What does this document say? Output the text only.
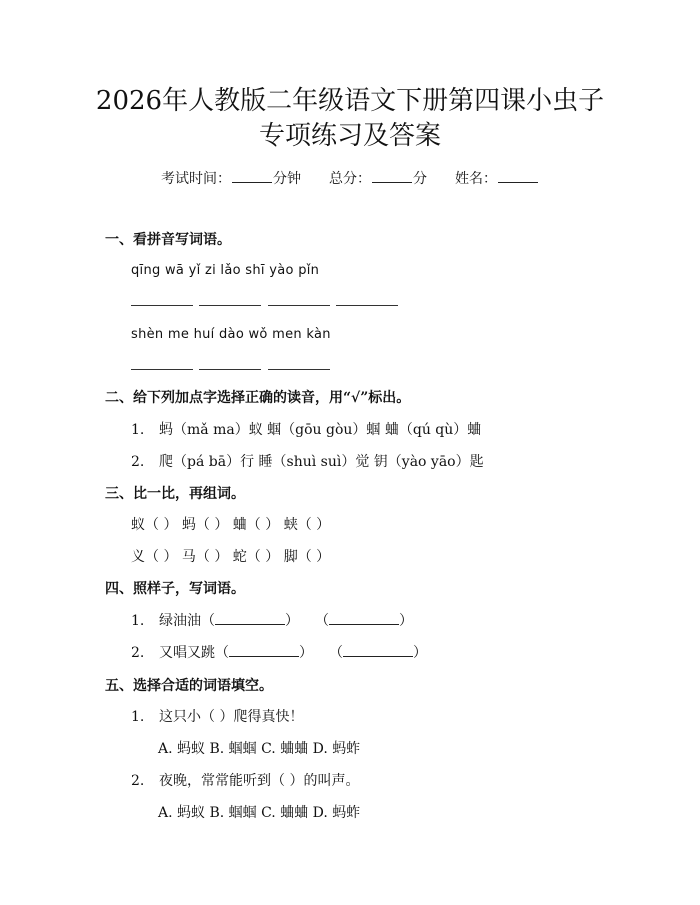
2026年人教版二年级语文下册第四课小虫子
专项练习及答案
考试时间：	分钟 总分：	分 姓名：
一、看拼音写词语。
qīng wā yǐ zi lǎo shī yào pǐn
shèn me huí dào wǒ men kàn
二、给下列加点字选择正确的读音，用“√”标出。
1. 蚂（mǎ ma）蚁 蝈（gōu gòu）蝈 蛐（qú qù）蛐
2. 爬（pá bā）行 睡（shuì suì）觉 钥（yào yāo）匙
三、比一比，再组词。
蚁（ ） 蚂（ ） 蛐（ ） 蛱（ ）
义（ ） 马（ ） 蛇（ ） 脚（ ）
四、照样子，写词语。
1. 绿油油（	） （	）
2. 又唱又跳（	） （	）
五、选择合适的词语填空。
1. 这只小（ ）爬得真快！
A. 蚂蚁 B. 蝈蝈 C. 蛐蛐 D. 蚂蚱
2. 夜晚，常常能听到（ ）的叫声。
A. 蚂蚁 B. 蝈蝈 C. 蛐蛐 D. 蚂蚱
